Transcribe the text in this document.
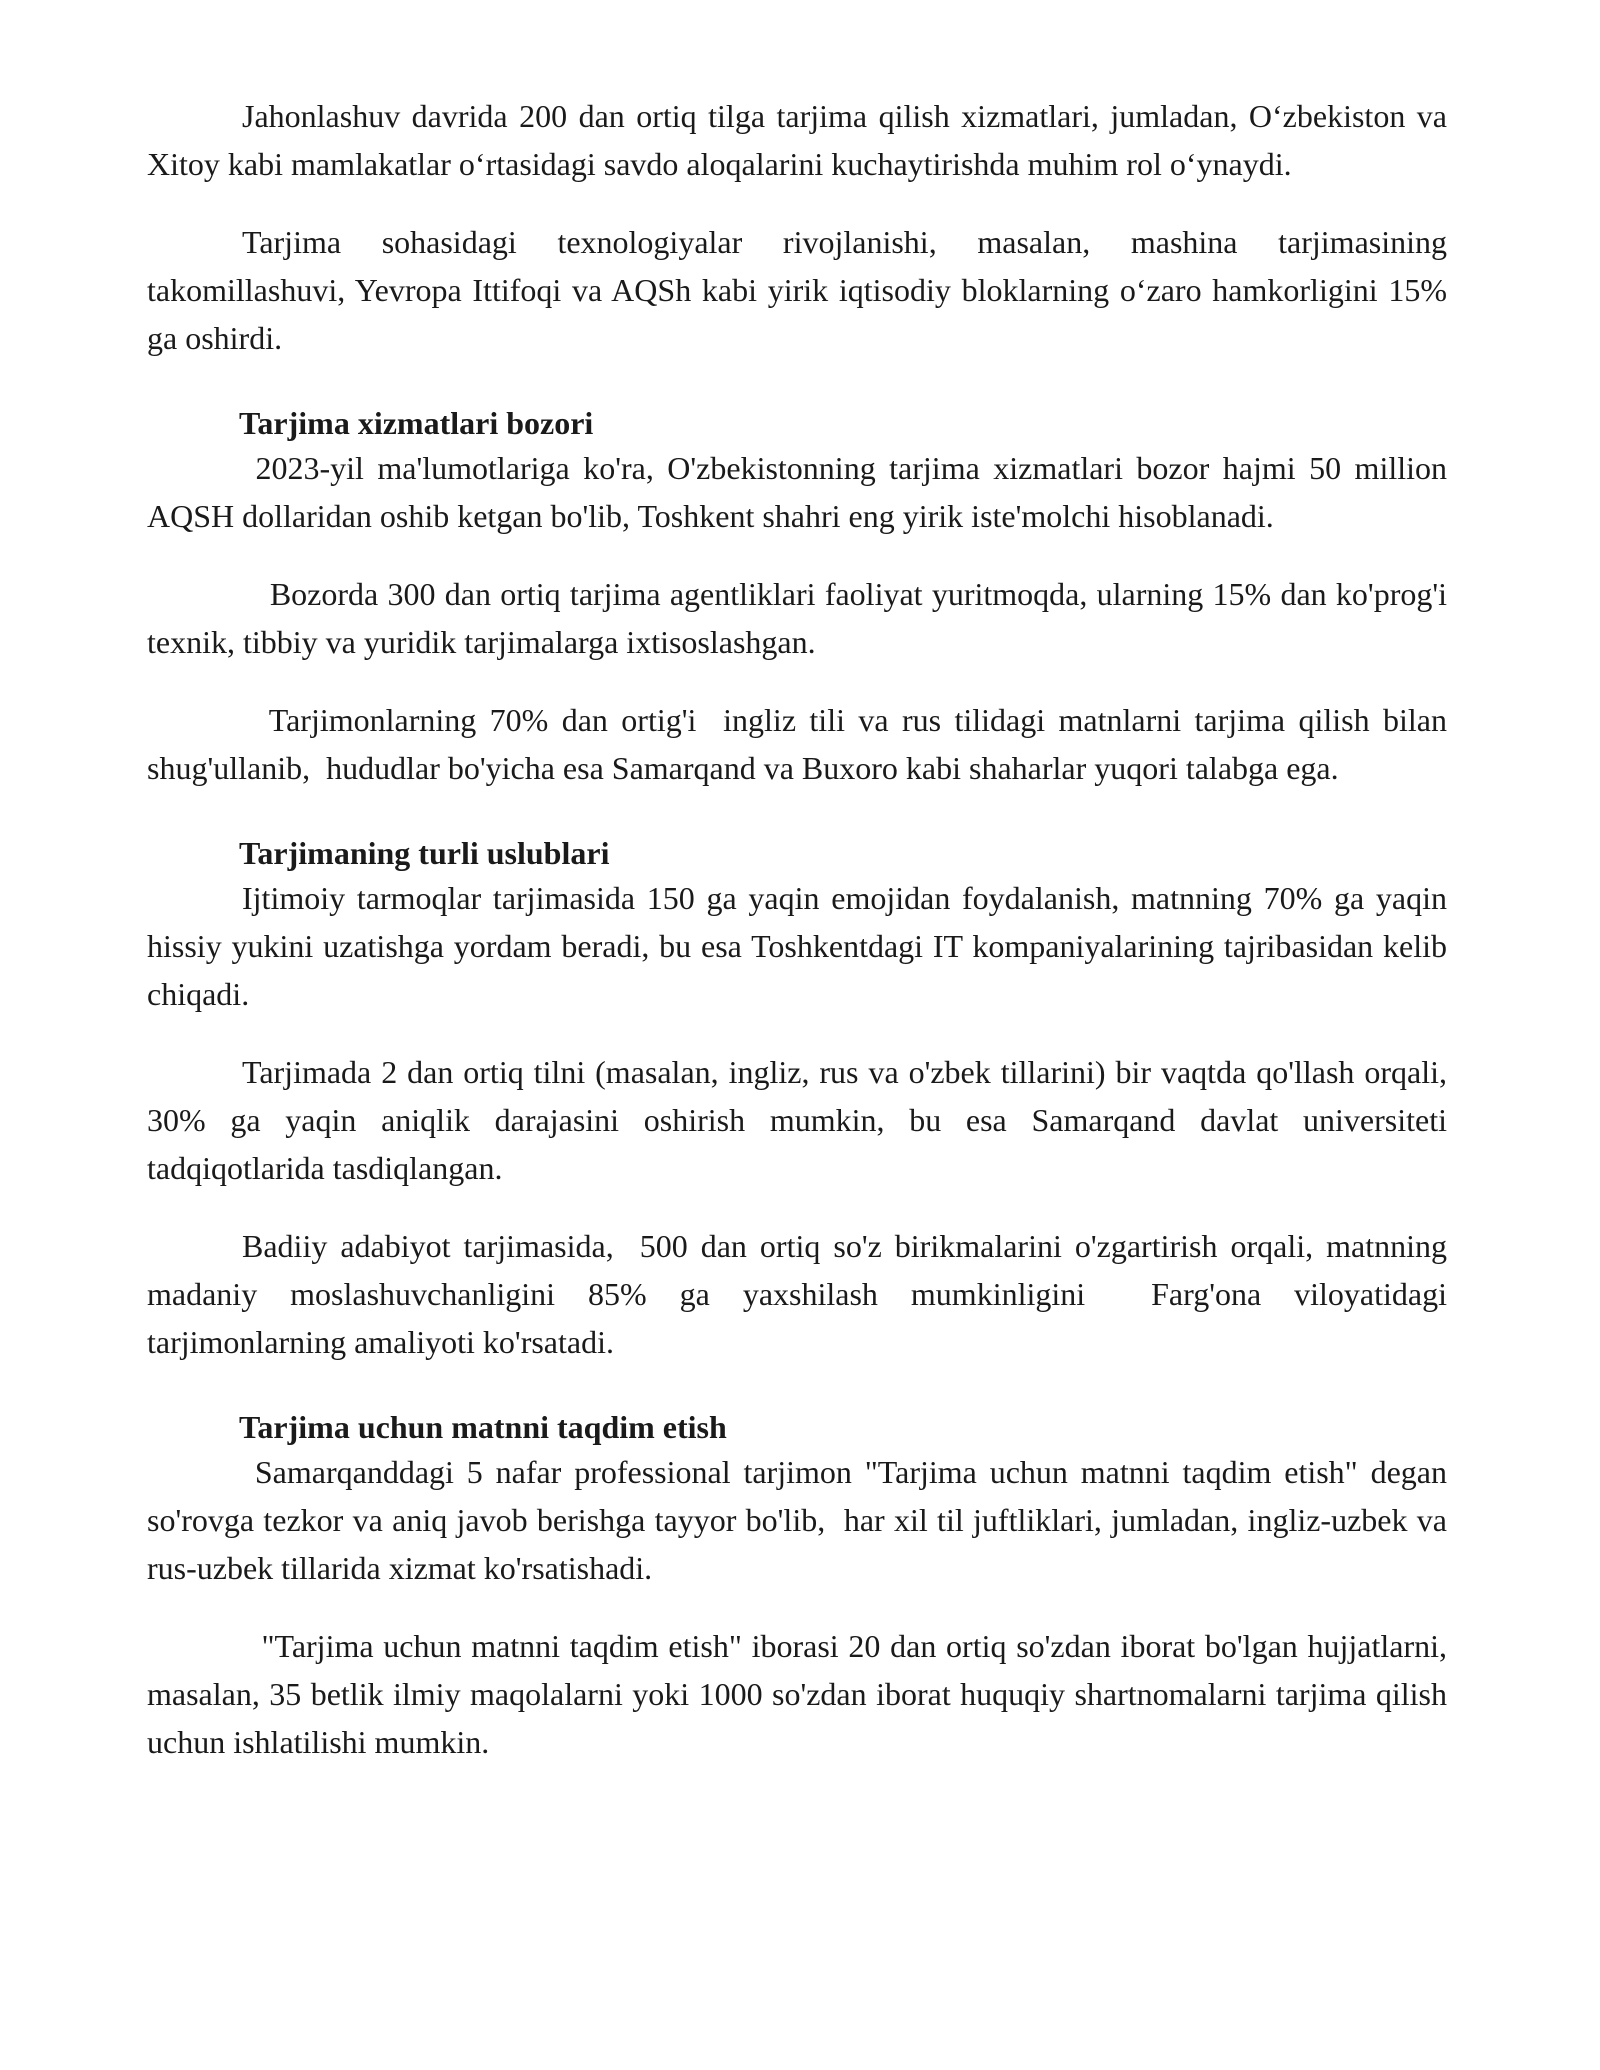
Jahonlashuv davrida 200 dan ortiq tilga tarjima qilish xizmatlari, jumladan, O‘zbekiston va Xitoy kabi mamlakatlar o‘rtasidagi savdo aloqalarini kuchaytirishda muhim rol o‘ynaydi.

Tarjima sohasidagi texnologiyalar rivojlanishi, masalan, mashina tarjimasining takomillashuvi, Yevropa Ittifoqi va AQSh kabi yirik iqtisodiy bloklarning o‘zaro hamkorligini 15% ga oshirdi.

Tarjima xizmatlari bozori

2023-yil ma'lumotlariga ko'ra, O'zbekistonning tarjima xizmatlari bozor hajmi 50 million AQSH dollaridan oshib ketgan bo'lib, Toshkent shahri eng yirik iste'molchi hisoblanadi.

Bozorda 300 dan ortiq tarjima agentliklari faoliyat yuritmoqda, ularning 15% dan ko'prog'i  texnik, tibbiy va yuridik tarjimalarga ixtisoslashgan.

Tarjimonlarning 70% dan ortig'i  ingliz tili va rus tilidagi matnlarni tarjima qilish bilan shug'ullanib,  hududlar bo'yicha esa Samarqand va Buxoro kabi shaharlar yuqori talabga ega.

Tarjimaning turli uslublari

Ijtimoiy tarmoqlar tarjimasida 150 ga yaqin emojidan foydalanish, matnning 70% ga yaqin hissiy yukini uzatishga yordam beradi, bu esa Toshkentdagi IT kompaniyalarining tajribasidan kelib chiqadi.

Tarjimada 2 dan ortiq tilni (masalan, ingliz, rus va o'zbek tillarini) bir vaqtda qo'llash orqali, 30% ga yaqin aniqlik darajasini oshirish mumkin, bu esa Samarqand davlat universiteti tadqiqotlarida tasdiqlangan.

Badiiy adabiyot tarjimasida,  500 dan ortiq so'z birikmalarini o'zgartirish orqali, matnning madaniy moslashuvchanligini 85% ga yaxshilash mumkinligini  Farg'ona viloyatidagi tarjimonlarning amaliyoti ko'rsatadi.

Tarjima uchun matnni taqdim etish

Samarqanddagi 5 nafar professional tarjimon "Tarjima uchun matnni taqdim etish" degan so'rovga tezkor va aniq javob berishga tayyor bo'lib,  har xil til juftliklari, jumladan, ingliz-uzbek va rus-uzbek tillarida xizmat ko'rsatishadi.

"Tarjima uchun matnni taqdim etish" iborasi 20 dan ortiq so'zdan iborat bo'lgan hujjatlarni, masalan, 35 betlik ilmiy maqolalarni yoki 1000 so'zdan iborat huquqiy shartnomalarni tarjima qilish uchun ishlatilishi mumkin.
